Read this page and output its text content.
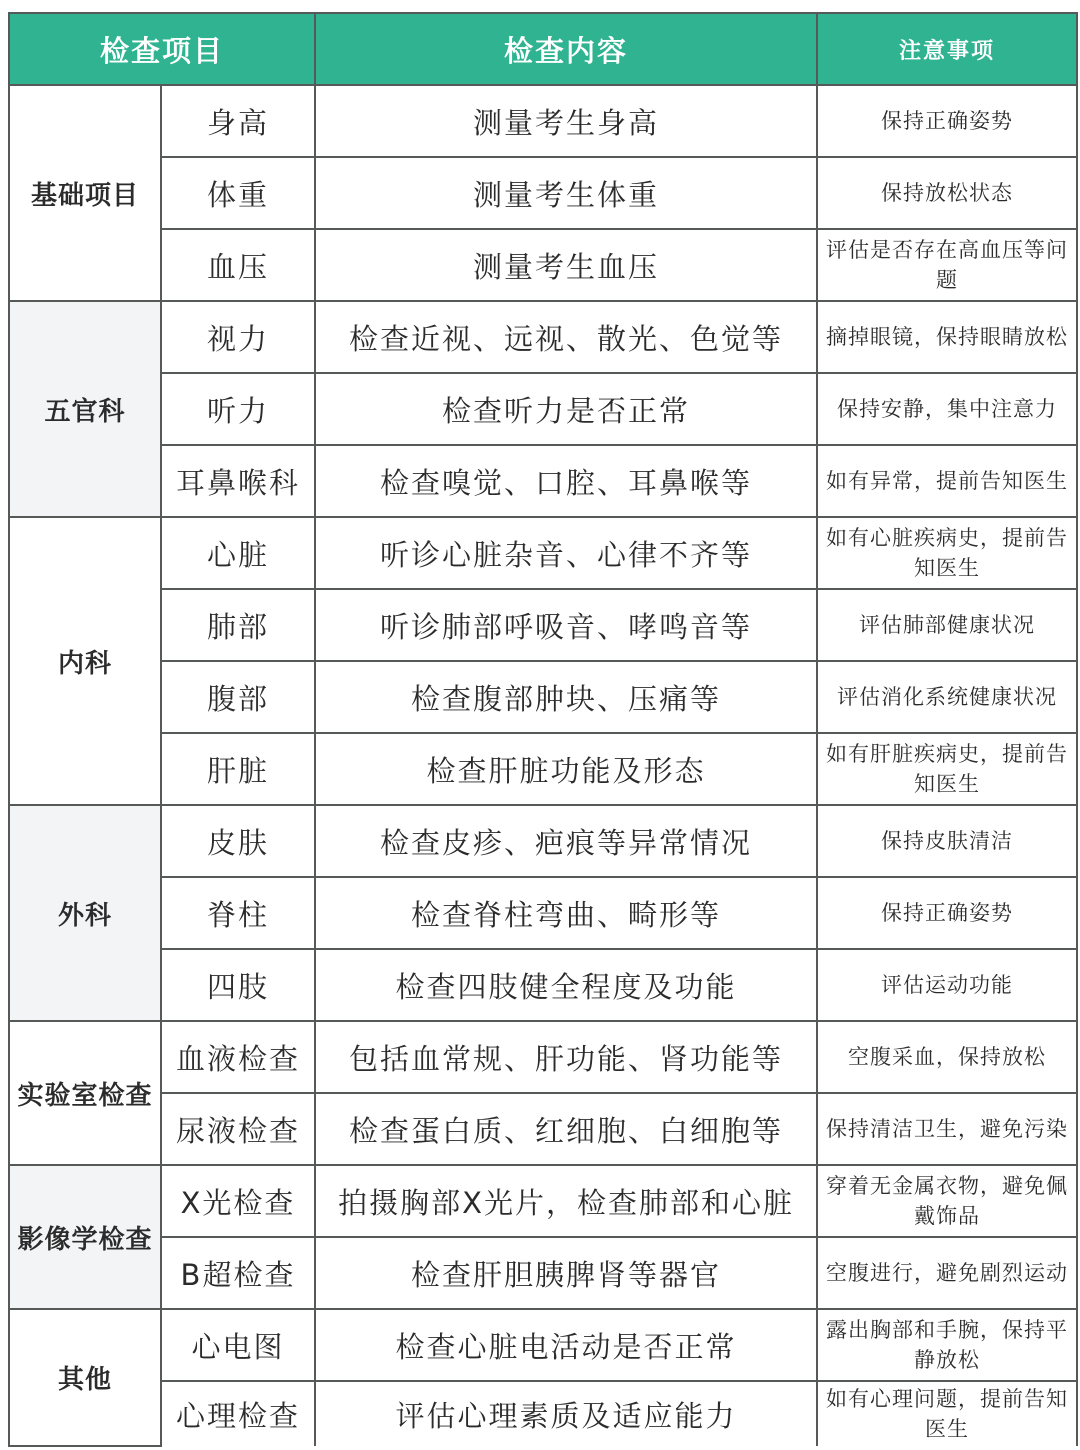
检查项目		检查内容	注意事项
基础项目	身高	测量考生身高	保持正确姿势
	体重	测量考生体重	保持放松状态
	血压	测量考生血压	评估是否存在高血压等问题
五官科	视力	检查近视、远视、散光、色觉等	摘掉眼镜，保持眼睛放松
	听力	检查听力是否正常	保持安静，集中注意力
	耳鼻喉科	检查嗅觉、口腔、耳鼻喉等	如有异常，提前告知医生
内科	心脏	听诊心脏杂音、心律不齐等	如有心脏疾病史，提前告知医生
	肺部	听诊肺部呼吸音、哮鸣音等	评估肺部健康状况
	腹部	检查腹部肿块、压痛等	评估消化系统健康状况
	肝脏	检查肝脏功能及形态	如有肝脏疾病史，提前告知医生
外科	皮肤	检查皮疹、疤痕等异常情况	保持皮肤清洁
	脊柱	检查脊柱弯曲、畸形等	保持正确姿势
	四肢	检查四肢健全程度及功能	评估运动功能
实验室检查	血液检查	包括血常规、肝功能、肾功能等	空腹采血，保持放松
	尿液检查	检查蛋白质、红细胞、白细胞等	保持清洁卫生，避免污染
影像学检查	X光检查	拍摄胸部X光片，检查肺部和心脏	穿着无金属衣物，避免佩戴饰品
	B超检查	检查肝胆胰脾肾等器官	空腹进行，避免剧烈运动
其他	心电图	检查心脏电活动是否正常	露出胸部和手腕，保持平静放松
	心理检查	评估心理素质及适应能力	如有心理问题，提前告知医生
